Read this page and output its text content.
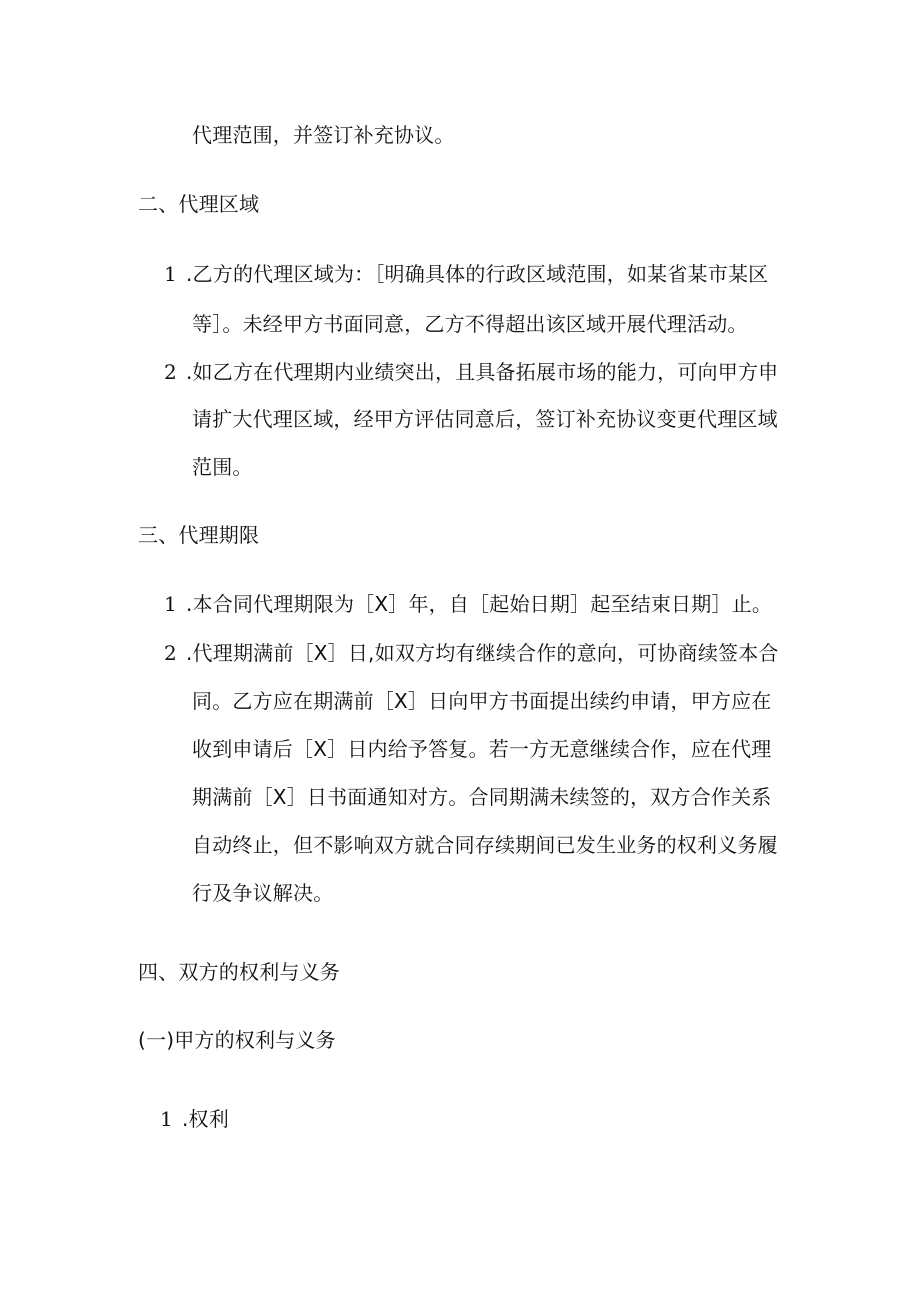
代理范围，并签订补充协议。
二、代理区域
1 .乙方的代理区域为：［明确具体的行政区域范围，如某省某市某区
等］。未经甲方书面同意，乙方不得超出该区域开展代理活动。
2 .如乙方在代理期内业绩突出，且具备拓展市场的能力，可向甲方申
请扩大代理区域，经甲方评估同意后，签订补充协议变更代理区域
范围。
三、代理期限
1 .本合同代理期限为［X］年，自［起始日期］起至结束日期］止。
2 .代理期满前［X］日,如双方均有继续合作的意向，可协商续签本合
同。乙方应在期满前［X］日向甲方书面提出续约申请，甲方应在
收到申请后［X］日内给予答复。若一方无意继续合作，应在代理
期满前［X］日书面通知对方。合同期满未续签的，双方合作关系
自动终止，但不影响双方就合同存续期间已发生业务的权利义务履
行及争议解决。
四、双方的权利与义务
(一)甲方的权利与义务
1 .权利
